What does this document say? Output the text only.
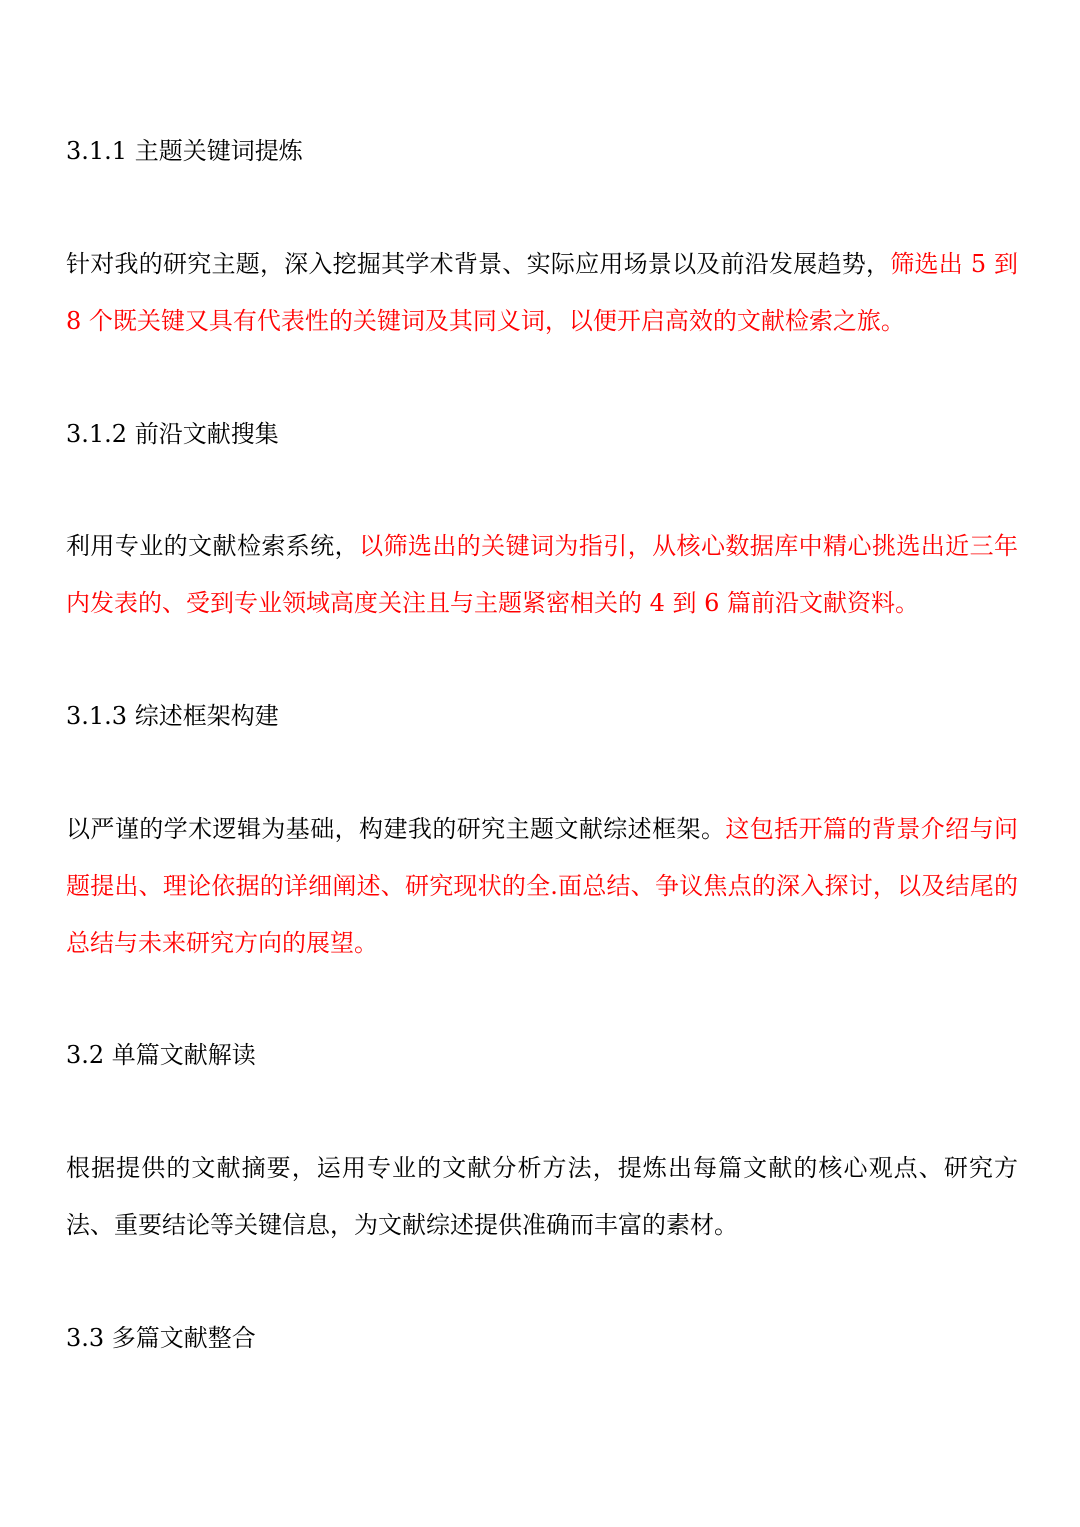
3.1.1 主题关键词提炼

针对我的研究主题，深入挖掘其学术背景、实际应用场景以及前沿发展趋势，筛选出 5 到 8 个既关键又具有代表性的关键词及其同义词，以便开启高效的文献检索之旅。

3.1.2 前沿文献搜集

利用专业的文献检索系统，以筛选出的关键词为指引，从核心数据库中精心挑选出近三年内发表的、受到专业领域高度关注且与主题紧密相关的 4 到 6 篇前沿文献资料。

3.1.3 综述框架构建

以严谨的学术逻辑为基础，构建我的研究主题文献综述框架。这包括开篇的背景介绍与问题提出、理论依据的详细阐述、研究现状的全.面总结、争议焦点的深入探讨，以及结尾的总结与未来研究方向的展望。

3.2 单篇文献解读

根据提供的文献摘要，运用专业的文献分析方法，提炼出每篇文献的核心观点、研究方法、重要结论等关键信息，为文献综述提供准确而丰富的素材。

3.3 多篇文献整合
